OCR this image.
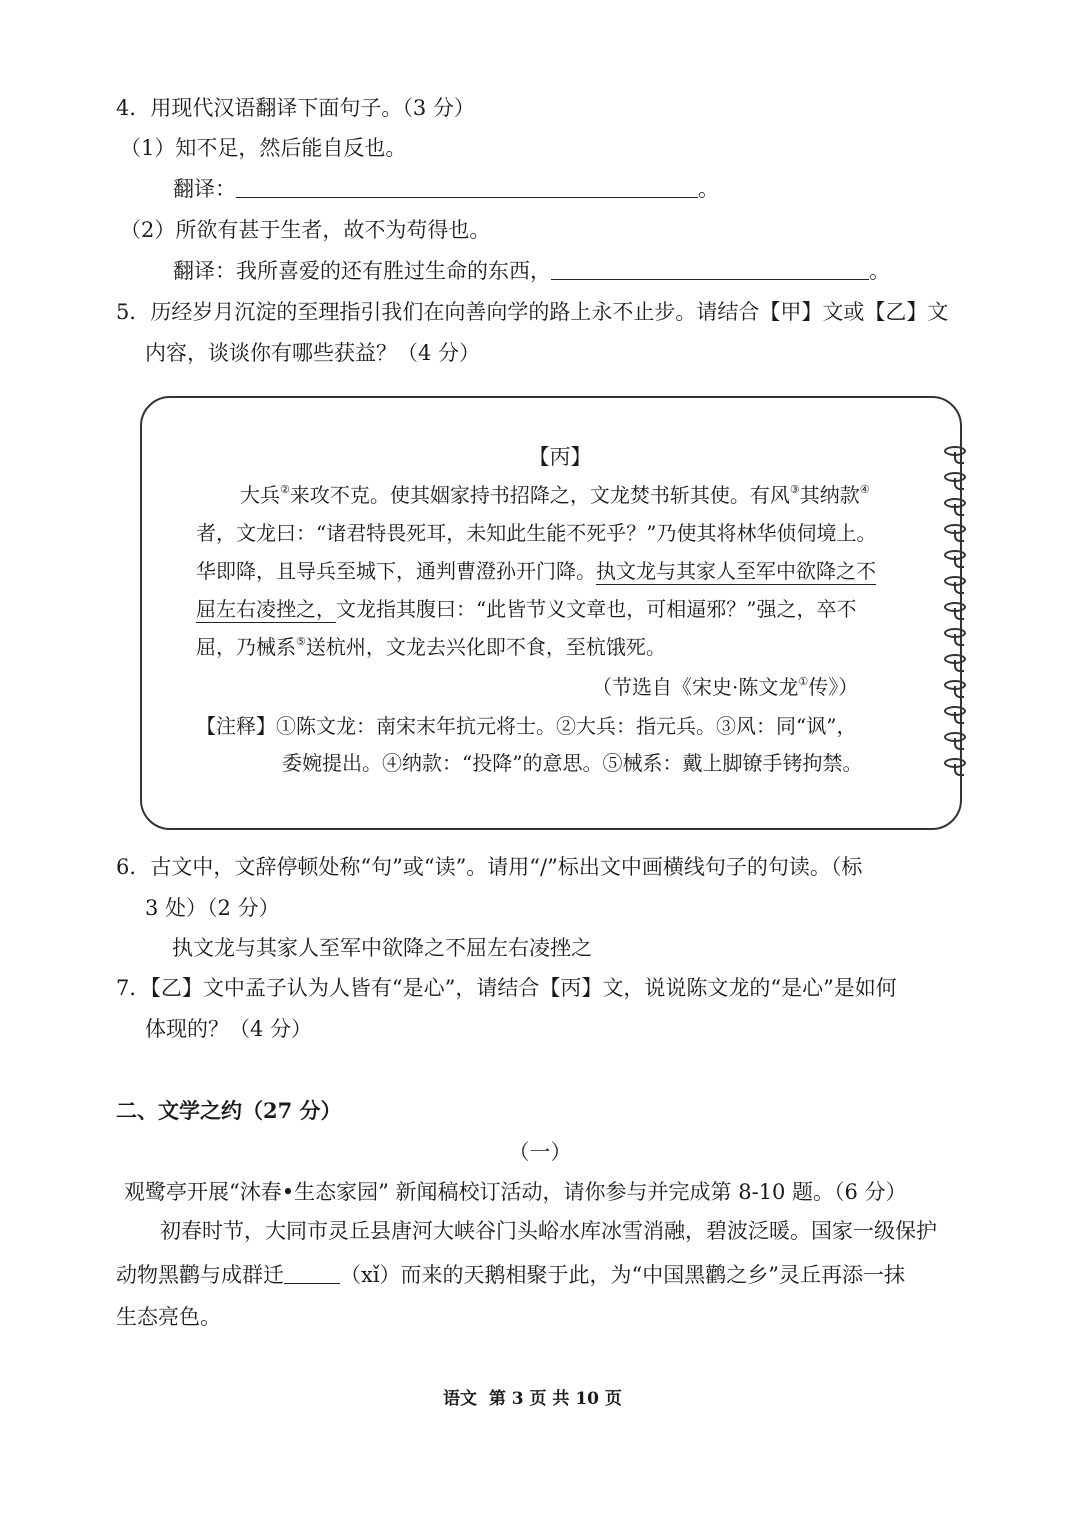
4．用现代汉语翻译下面句子。（3 分）
（1）知不足，然后能自反也。
翻译：	。
（2）所欲有甚于生者，故不为苟得也。
翻译：我所喜爱的还有胜过生命的东西，	。
5．历经岁月沉淀的至理指引我们在向善向学的路上永不止步。请结合【甲】文或【乙】文
内容，谈谈你有哪些获益？（4 分）
【丙】
大兵②来攻不克。使其姻家持书招降之，文龙焚书斩其使。有风③其纳款④
者，文龙曰：“诸君特畏死耳，未知此生能不死乎？”乃使其将林华侦伺境上。
华即降，且导兵至城下，通判曹澄孙开门降。执文龙与其家人至军中欲降之不
屈左右凌挫之，文龙指其腹曰：“此皆节义文章也，可相逼邪？”强之，卒不
屈，乃械系⑤送杭州，文龙去兴化即不食，至杭饿死。
（节选自《宋史·陈文龙①传》）
【注释】①陈文龙：南宋末年抗元将士。②大兵：指元兵。③风：同“讽”，
委婉提出。④纳款：“投降”的意思。⑤械系：戴上脚镣手铐拘禁。
6．古文中，文辞停顿处称“句”或“读”。请用“/”标出文中画横线句子的句读。（标
3 处）（2 分）
执文龙与其家人至军中欲降之不屈左右凌挫之
7．【乙】文中孟子认为人皆有“是心”，请结合【丙】文，说说陈文龙的“是心”是如何
体现的？（4 分）
二、文学之约（27 分）
（一）
观鹭亭开展“沐春•生态家园” 新闻稿校订活动，请你参与并完成第 8-10 题。（6 分）
初春时节，大同市灵丘县唐河大峡谷门头峪水库冰雪消融，碧波泛暖。国家一级保护
动物黑鹳与成群迁	（xǐ）而来的天鹅相聚于此，为“中国黑鹳之乡”灵丘再添一抹
生态亮色。
语文  第 3 页 共 10 页
